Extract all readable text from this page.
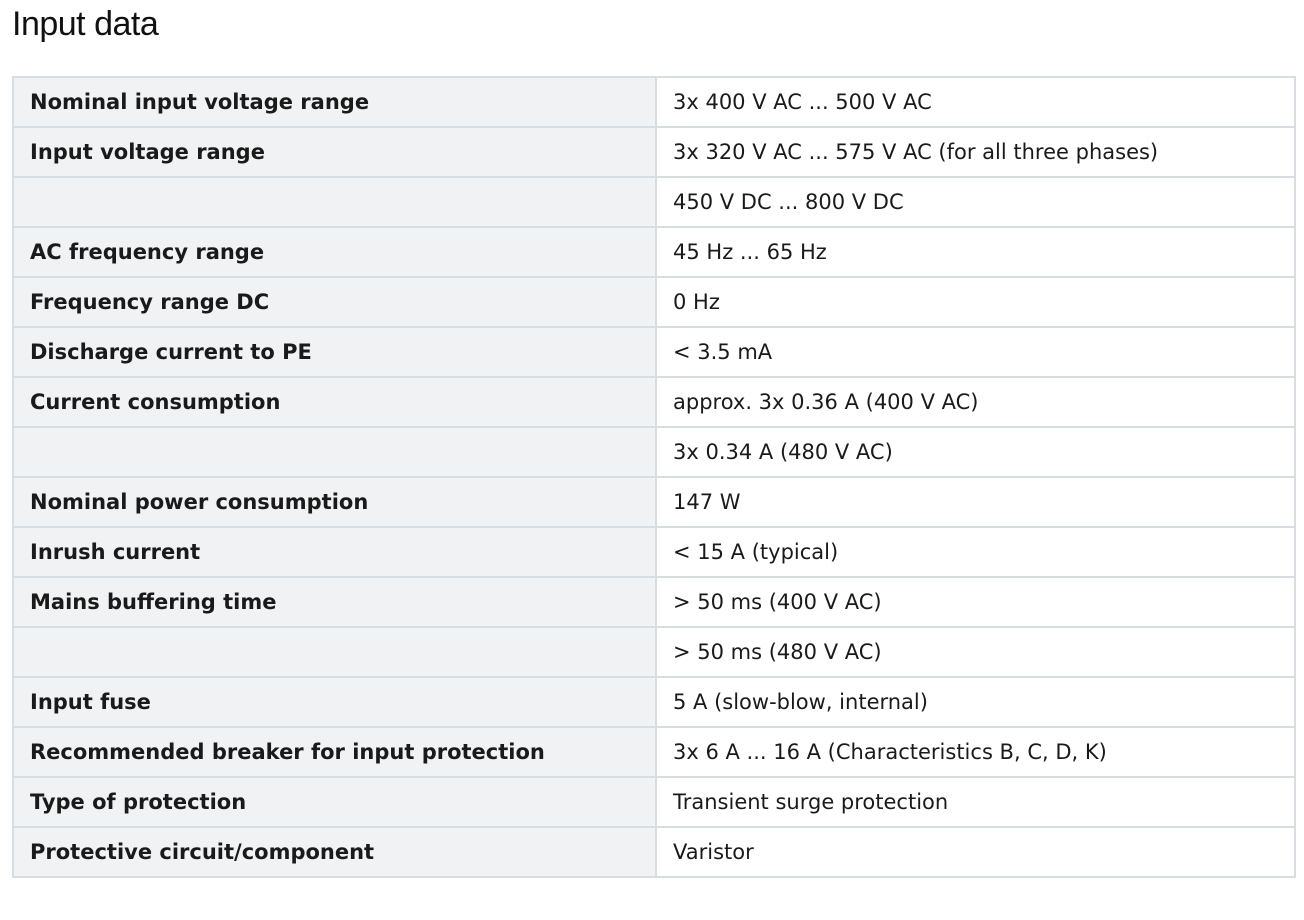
Input data
Nominal input voltage range	3x 400 V AC ... 500 V AC
Input voltage range	3x 320 V AC ... 575 V AC (for all three phases)
	450 V DC ... 800 V DC
AC frequency range	45 Hz ... 65 Hz
Frequency range DC	0 Hz
Discharge current to PE	< 3.5 mA
Current consumption	approx. 3x 0.36 A (400 V AC)
	3x 0.34 A (480 V AC)
Nominal power consumption	147 W
Inrush current	< 15 A (typical)
Mains buffering time	> 50 ms (400 V AC)
	> 50 ms (480 V AC)
Input fuse	5 A (slow-blow, internal)
Recommended breaker for input protection	3x 6 A ... 16 A (Characteristics B, C, D, K)
Type of protection	Transient surge protection
Protective circuit/component	Varistor
